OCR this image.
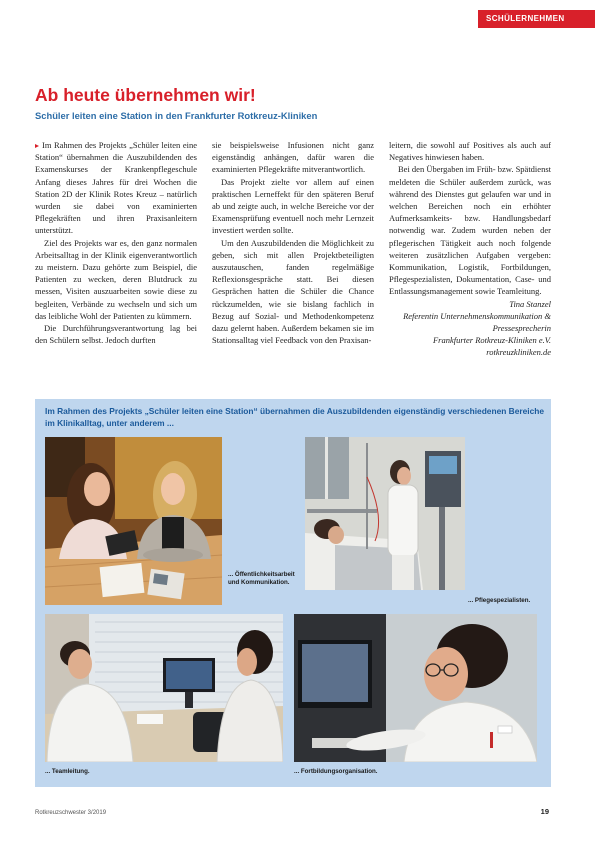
SCHÜLERNEHMEN
Ab heute übernehmen wir!
Schüler leiten eine Station in den Frankfurter Rotkreuz-Kliniken

Im Rahmen des Projekts „Schüler leiten eine Station“ übernahmen die Auszubildenden des Examenskurses der Krankenpflegeschule Anfang dieses Jahres für drei Wochen die Station 2D der Klinik Rotes Kreuz – natürlich wurden sie dabei von examinierten Pflegekräften und ihren Praxisanleitern unterstützt.

Ziel des Projekts war es, den ganz normalen Arbeitsalltag in der Klinik eigenverantwortlich zu meistern. Dazu gehörte zum Beispiel, die Patienten zu wecken, deren Blutdruck zu messen, Visiten auszuarbeiten sowie diese zu begleiten, Verbände zu wechseln und sich um das leibliche Wohl der Patienten zu kümmern.

Die Durchführungsverantwortung lag bei den Schülern selbst. Jedoch durften

sie beispielsweise Infusionen nicht ganz eigenständig anhängen, dafür waren die examinierten Pflegekräfte mitverantwortlich.

Das Projekt zielte vor allem auf einen praktischen Lerneffekt für den späteren Beruf ab und zeigte auch, in welche Bereiche vor der Examensprüfung eventuell noch mehr Lernzeit investiert werden sollte.

Um den Auszubildenden die Möglichkeit zu geben, sich mit allen Projektbeteiligten auszutauschen, fanden regelmäßige Reflexionsgespräche statt. Bei diesen Gesprächen hatten die Schüler die Chance rückzumelden, wie sie bislang fachlich in Bezug auf Sozial- und Methodenkompetenz dazu gelernt haben. Außerdem bekamen sie im Stationsalltag viel Feedback von den Praxisan-

leitern, die sowohl auf Positives als auch auf Negatives hinwiesen haben.

Bei den Übergaben im Früh- bzw. Spätdienst meldeten die Schüler außerdem zurück, was während des Dienstes gut gelaufen war und in welchen Bereichen noch ein erhöhter Aufmerksamkeits- bzw. Handlungsbedarf notwendig war. Zudem wurden neben der pflegerischen Tätigkeit auch noch folgende weiteren zusätzlichen Aufgaben vergeben: Kommunikation, Logistik, Fortbildungen, Pflegespezialisten, Dokumentation, Case- und Entlassungsmanagement sowie Teamleitung.

Tina Stanzel
Referentin Unternehmenskommunikation & Pressesprecherin
Frankfurter Rotkreuz-Kliniken e.V.
rotkreuzkliniken.de

Im Rahmen des Projekts „Schüler leiten eine Station“ übernahmen die Auszubildenden eigenständig verschiedenen Bereiche im Klinikalltag, unter anderem ...

... Öffentlichkeitsarbeit und Kommunikation.
... Pflegespezialisten.
... Teamleitung.	... Fortbildungsorganisation.
Rotkreuzschwester 3/2019	19
